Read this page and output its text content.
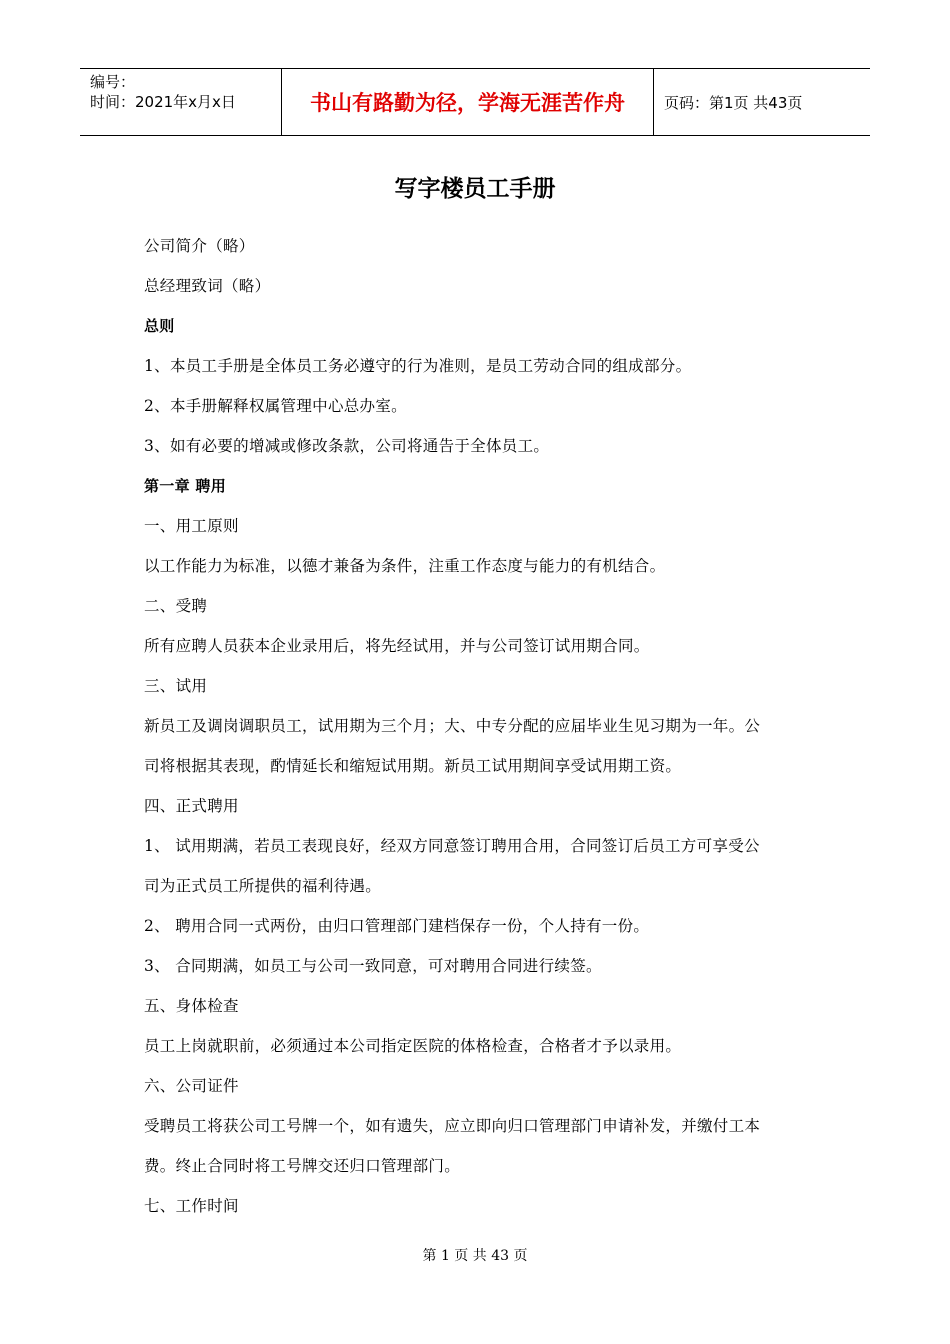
编号：
时间：2021年x月x日	书山有路勤为径，学海无涯苦作舟	页码：第1页 共43页
写字楼员工手册

公司简介（略）

总经理致词（略）

总则

1、本员工手册是全体员工务必遵守的行为准则，是员工劳动合同的组成部分。

2、本手册解释权属管理中心总办室。

3、如有必要的增减或修改条款，公司将通告于全体员工。

第一章 聘用

一、用工原则

以工作能力为标准，以德才兼备为条件，注重工作态度与能力的有机结合。

二、受聘

所有应聘人员获本企业录用后，将先经试用，并与公司签订试用期合同。

三、试用

新员工及调岗调职员工，试用期为三个月；大、中专分配的应届毕业生见习期为一年。公

司将根据其表现，酌情延长和缩短试用期。新员工试用期间享受试用期工资。

四、正式聘用

1、 试用期满，若员工表现良好，经双方同意签订聘用合用，合同签订后员工方可享受公

司为正式员工所提供的福利待遇。

2、 聘用合同一式两份，由归口管理部门建档保存一份，个人持有一份。

3、 合同期满，如员工与公司一致同意，可对聘用合同进行续签。

五、身体检查

员工上岗就职前，必须通过本公司指定医院的体格检查，合格者才予以录用。

六、公司证件

受聘员工将获公司工号牌一个，如有遗失，应立即向归口管理部门申请补发，并缴付工本

费。终止合同时将工号牌交还归口管理部门。

七、工作时间

第 1 页 共 43 页
